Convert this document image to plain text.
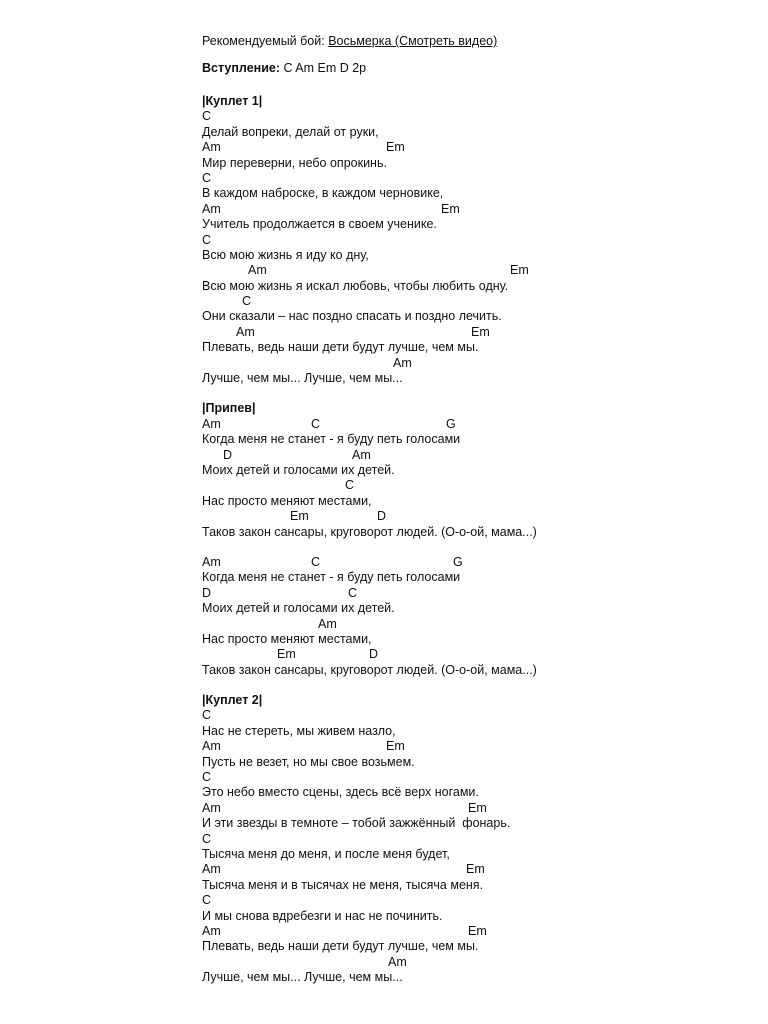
Рекомендуемый бой: Восьмерка (Смотреть видео)
Вступление: C Am Em D 2р
|Куплет 1|
C
Делай вопреки, делай от руки,
Am	Em
Мир переверни, небо опрокинь.
C
В каждом наброске, в каждом черновике,
Am	Em
Учитель продолжается в своем ученике.
C
Всю мою жизнь я иду ко дну,
Am	Em
Всю мою жизнь я искал любовь, чтобы любить одну.
C
Они сказали – нас поздно спасать и поздно лечить.
Am	Em
Плевать, ведь наши дети будут лучше, чем мы.
Am
Лучше, чем мы... Лучше, чем мы...
|Припев|
Am	C	G
Когда меня не станет - я буду петь голосами
D	Am
Моих детей и голосами их детей.
C
Нас просто меняют местами,
Em	D
Таков закон сансары, круговорот людей. (О-о-ой, мама...)
Am	C	G
Когда меня не станет - я буду петь голосами
D	C
Моих детей и голосами их детей.
Am
Нас просто меняют местами,
Em	D
Таков закон сансары, круговорот людей. (О-о-ой, мама...)
|Куплет 2|
C
Нас не стереть, мы живем назло,
Am	Em
Пусть не везет, но мы свое возьмем.
C
Это небо вместо сцены, здесь всё верх ногами.
Am	Em
И эти звезды в темноте – тобой зажжённый  фонарь.
C
Тысяча меня до меня, и после меня будет,
Am	Em
Тысяча меня и в тысячах не меня, тысяча меня.
C
И мы снова вдребезги и нас не починить.
Am	Em
Плевать, ведь наши дети будут лучше, чем мы.
Am
Лучше, чем мы... Лучше, чем мы...
